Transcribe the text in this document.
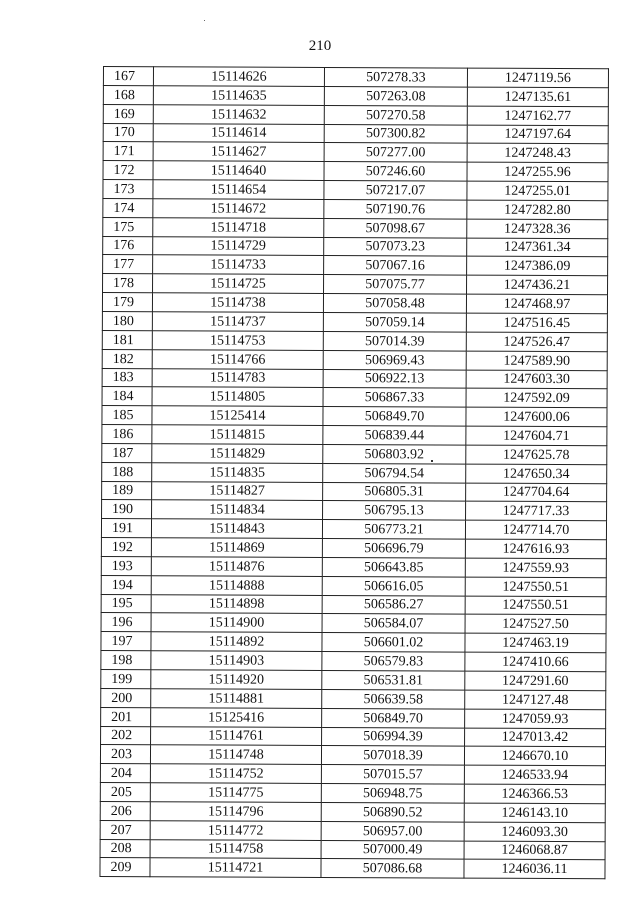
210
167	15114626	507278.33	1247119.56
168	15114635	507263.08	1247135.61
169	15114632	507270.58	1247162.77
170	15114614	507300.82	1247197.64
171	15114627	507277.00	1247248.43
172	15114640	507246.60	1247255.96
173	15114654	507217.07	1247255.01
174	15114672	507190.76	1247282.80
175	15114718	507098.67	1247328.36
176	15114729	507073.23	1247361.34
177	15114733	507067.16	1247386.09
178	15114725	507075.77	1247436.21
179	15114738	507058.48	1247468.97
180	15114737	507059.14	1247516.45
181	15114753	507014.39	1247526.47
182	15114766	506969.43	1247589.90
183	15114783	506922.13	1247603.30
184	15114805	506867.33	1247592.09
185	15125414	506849.70	1247600.06
186	15114815	506839.44	1247604.71
187	15114829	506803.92	1247625.78
188	15114835	506794.54	1247650.34
189	15114827	506805.31	1247704.64
190	15114834	506795.13	1247717.33
191	15114843	506773.21	1247714.70
192	15114869	506696.79	1247616.93
193	15114876	506643.85	1247559.93
194	15114888	506616.05	1247550.51
195	15114898	506586.27	1247550.51
196	15114900	506584.07	1247527.50
197	15114892	506601.02	1247463.19
198	15114903	506579.83	1247410.66
199	15114920	506531.81	1247291.60
200	15114881	506639.58	1247127.48
201	15125416	506849.70	1247059.93
202	15114761	506994.39	1247013.42
203	15114748	507018.39	1246670.10
204	15114752	507015.57	1246533.94
205	15114775	506948.75	1246366.53
206	15114796	506890.52	1246143.10
207	15114772	506957.00	1246093.30
208	15114758	507000.49	1246068.87
209	15114721	507086.68	1246036.11
